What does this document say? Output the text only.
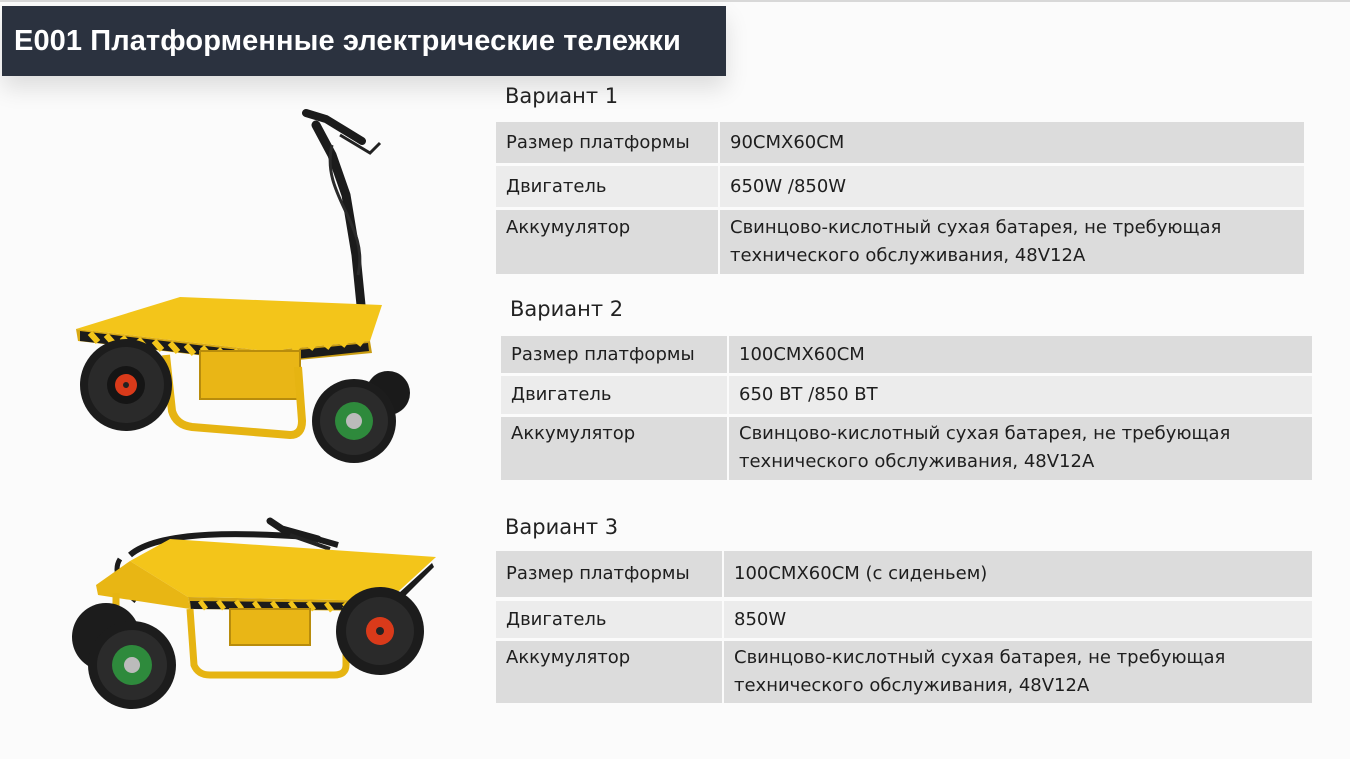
E001 Платформенные электрические тележки
Вариант 1
Размер платформы	90CMX60CM
Двигатель	650W /850W
Аккумулятор	Свинцово-кислотный сухая батарея, не требующая технического обслуживания, 48V12A
Вариант 2
Размер платформы	100CMX60CM
Двигатель	650 ВТ /850 ВТ
Аккумулятор	Свинцово-кислотный сухая батарея, не требующая технического обслуживания, 48V12A
Вариант 3
Размер платформы	100CMX60CM (с сиденьем)
Двигатель	850W
Аккумулятор	Свинцово-кислотный сухая батарея, не требующая технического обслуживания, 48V12A
